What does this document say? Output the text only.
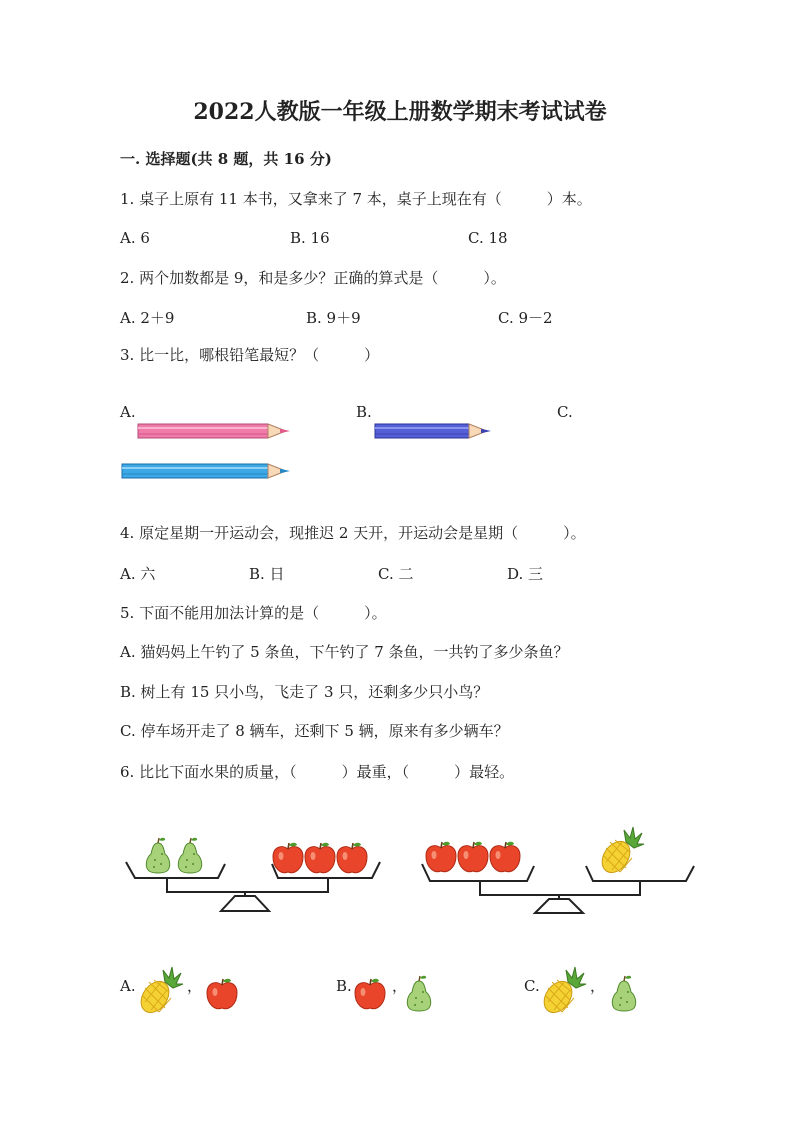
2022人教版一年级上册数学期末考试试卷
一. 选择题(共 8 题，共 16 分)
1. 桌子上原有 11 本书，又拿来了 7 本，桌子上现在有（　　　）本。
A. 6	B. 16	C. 18
2. 两个加数都是 9，和是多少？正确的算式是（　　　）。
A. 2＋9	B. 9＋9	C. 9－2
3. 比一比，哪根铅笔最短？（　　　）
A.	B.	C.
4. 原定星期一开运动会，现推迟 2 天开，开运动会是星期（　　　）。
A. 六	B. 日	C. 二	D. 三
5. 下面不能用加法计算的是（　　　）。
A. 猫妈妈上午钓了 5 条鱼，下午钓了 7 条鱼，一共钓了多少条鱼？
B. 树上有 15 只小鸟，飞走了 3 只，还剩多少只小鸟？
C. 停车场开走了 8 辆车，还剩下 5 辆，原来有多少辆车？
6. 比比下面水果的质量，（　　　）最重，（　　　）最轻。
A.	，	B.	，	C.	，
